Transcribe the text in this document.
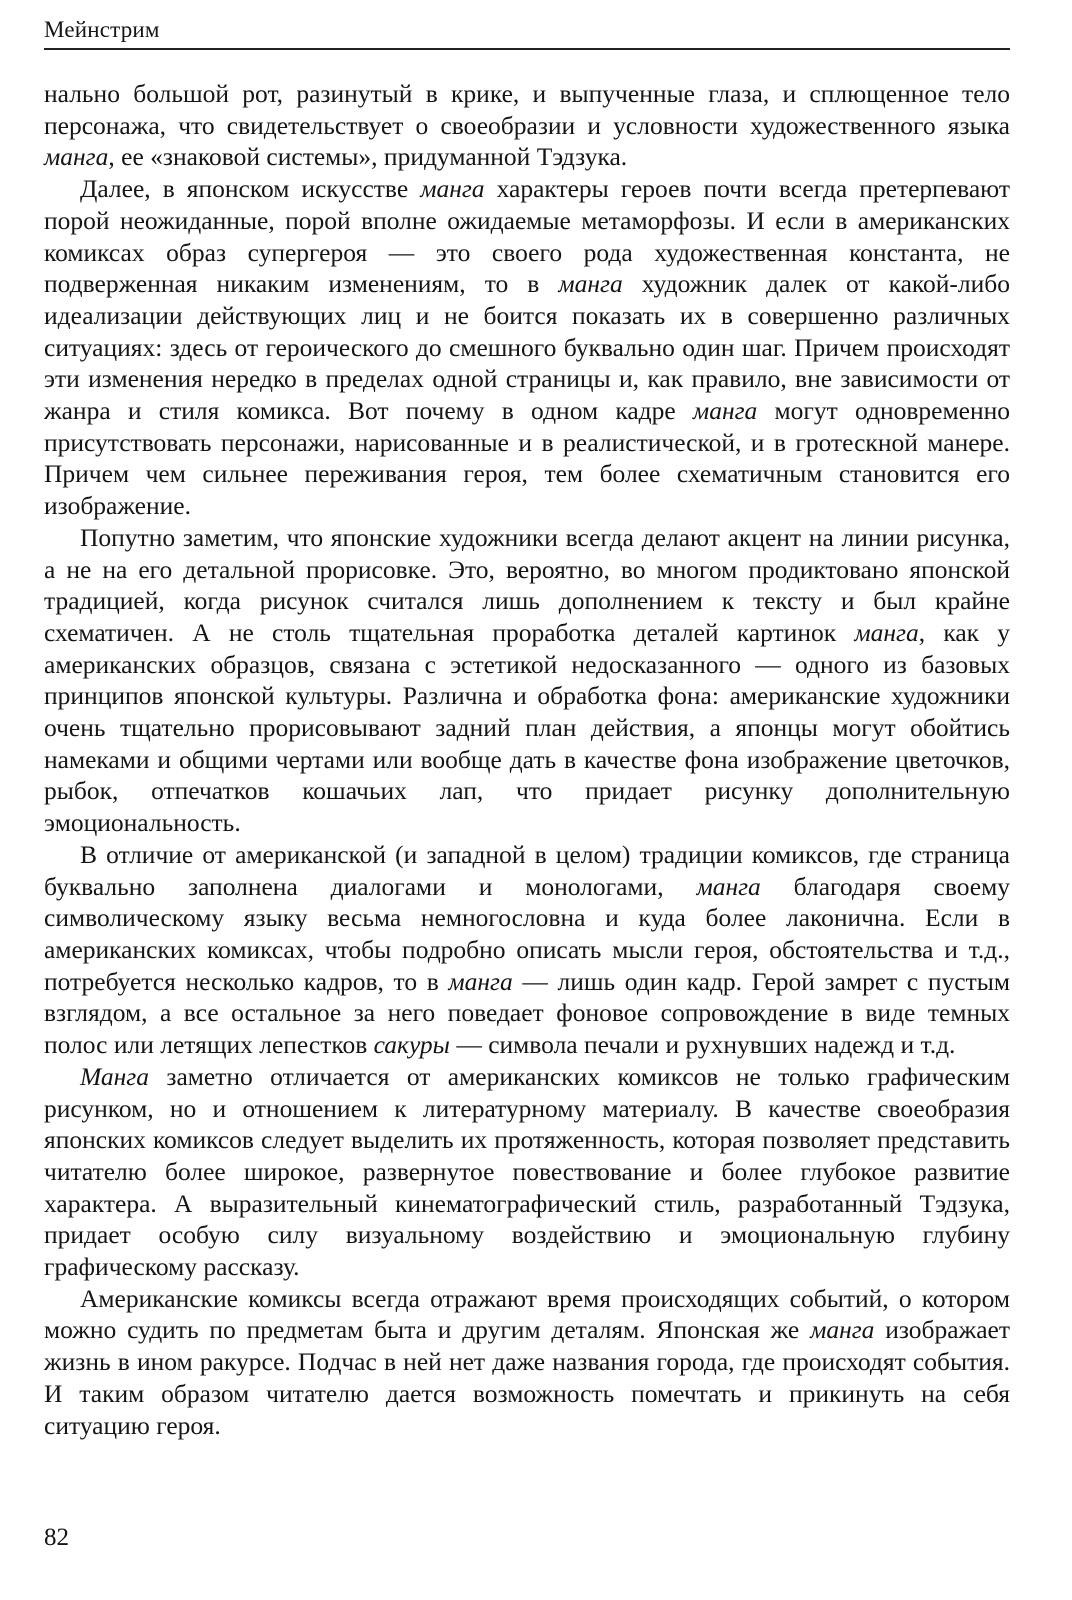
Мейнстрим

нально большой рот, разинутый в крике, и выпученные глаза, и сплющенное тело персонажа, что свидетельствует о своеобразии и условности художественного языка манга, ее «знаковой системы», придуманной Тэдзука.

Далее, в японском искусстве манга характеры героев почти всегда претерпевают порой неожиданные, порой вполне ожидаемые метаморфозы. И если в американских комиксах образ супергероя — это своего рода художественная константа, не подверженная никаким изменениям, то в манга художник далек от какой-либо идеализации действующих лиц и не боится показать их в совершенно различных ситуациях: здесь от героического до смешного буквально один шаг. Причем происходят эти изменения нередко в пределах одной страницы и, как правило, вне зависимости от жанра и стиля комикса. Вот почему в одном кадре манга могут одновременно присутствовать персонажи, нарисованные и в реалистической, и в гротескной манере. Причем чем сильнее переживания героя, тем более схематичным становится его изображение.

Попутно заметим, что японские художники всегда делают акцент на линии рисунка, а не на его детальной прорисовке. Это, вероятно, во многом продиктовано японской традицией, когда рисунок считался лишь дополнением к тексту и был крайне схематичен. А не столь тщательная проработка деталей картинок манга, как у американских образцов, связана с эстетикой недосказанного — одного из базовых принципов японской культуры. Различна и обработка фона: американские художники очень тщательно прорисовывают задний план действия, а японцы могут обойтись намеками и общими чертами или вообще дать в качестве фона изображение цветочков, рыбок, отпечатков кошачьих лап, что придает рисунку дополнительную эмоциональность.

В отличие от американской (и западной в целом) традиции комиксов, где страница буквально заполнена диалогами и монологами, манга благодаря своему символическому языку весьма немногословна и куда более лаконична. Если в американских комиксах, чтобы подробно описать мысли героя, обстоятельства и т.д., потребуется несколько кадров, то в манга — лишь один кадр. Герой замрет с пустым взглядом, а все остальное за него поведает фоновое сопровождение в виде темных полос или летящих лепестков сакуры — символа печали и рухнувших надежд и т.д.

Манга заметно отличается от американских комиксов не только графическим рисунком, но и отношением к литературному материалу. В качестве своеобразия японских комиксов следует выделить их протяженность, которая позволяет представить читателю более широкое, развернутое повествование и более глубокое развитие характера. А выразительный кинематографический стиль, разработанный Тэдзука, придает особую силу визуальному воздействию и эмоциональную глубину графическому рассказу.

Американские комиксы всегда отражают время происходящих событий, о котором можно судить по предметам быта и другим деталям. Японская же манга изображает жизнь в ином ракурсе. Подчас в ней нет даже названия города, где происходят события. И таким образом читателю дается возможность помечтать и прикинуть на себя ситуацию героя.

82
